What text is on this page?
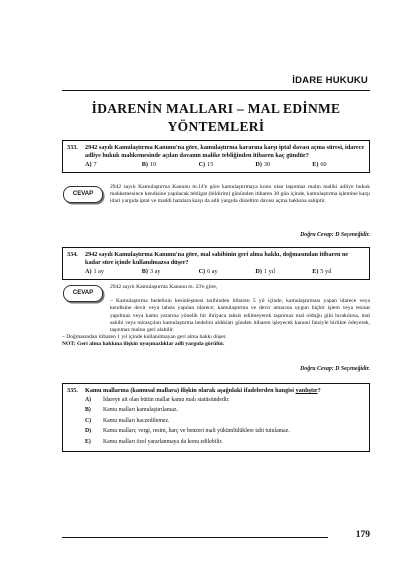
İDARE HUKUKU
İDARENİN MALLARI – MAL EDİNME
YÖNTEMLERİ
333. 2942 sayılı Kamulaştırma Kanunu'na göre, kamulaştırma kararına karşı iptal davası açma süresi, idarece adliye hukuk mahkemesinde açılan davanın malike tebliğinden itibaren kaç gündür?
A) 7	B) 10	C) 15	D) 30	E) 60
CEVAP
2942 sayılı Kamulaştırma Kanunu m.14'e göre kamulaştırmaya konu olan taşınmaz malın maliki adliye hukuk mahkemesince kendisine yapılacak tebligat (bildirim) gününden itibaren 30 gün içinde, kamulaştırma işlemine karşı idari yargıda iptal ve maddi hatalara karşı da adli yargıda düzeltim davası açma hakkına sahiptir.
Doğru Cevap: D Seçeneğidir.
334. 2942 sayılı Kamulaştırma Kanunu'na göre, mal sahibinin geri alma hakkı, doğmasından itibaren ne kadar süre içinde kullanılmazsa düşer?
A) 1 ay	B) 3 ay	C) 6 ay	D) 1 yıl	E) 5 yıl
CEVAP
2942 sayılı Kamulaştırma Kanunu m. 23'e göre,
– Kamulaştırma bedelinin kesinleşmesi tarihinden itibaren 5 yıl içinde, kamulaştırması yapan idarece veya kendisine devir veya tahsis yapılan idarece; kamulaştırma ve devir amacına uygun hiçbir işlem veya tesisat yapılmaz veya kamu yararına yönelik bir ihtiyaca tahsis edilmeyerek taşınmaz mal olduğu gibi bırakılırsa, mal sahibi veya mirasçıları kamulaştırma bedelini aldıkları günden itibaren işleyecek kanuni faiziyle birlikte ödeyerek, taşınmaz malını geri alabilir.
– Doğmasından itibaren 1 yıl içinde kullanılmayan geri alma hakkı düşer.
NOT: Geri alma hakkına ilişkin uyuşmazlıklar adli yargıda görülür.
Doğru Cevap: D Seçeneğidir.
335. Kamu mallarına (kamusal mallara) ilişkin olarak aşağıdaki ifadelerden hangisi yanlıştır?
A)	İdareye ait olan bütün mallar kamu malı statüsündedir.
B)	Kamu malları kamulaştırılamaz.
C)	Kamu malları haczedilemez.
D)	Kamu malları; vergi, resim, harç ve benzeri mali yükümlülüklere tabi tutulamaz.
E)	Kamu malları özel yararlanmaya da konu edilebilir.
179
